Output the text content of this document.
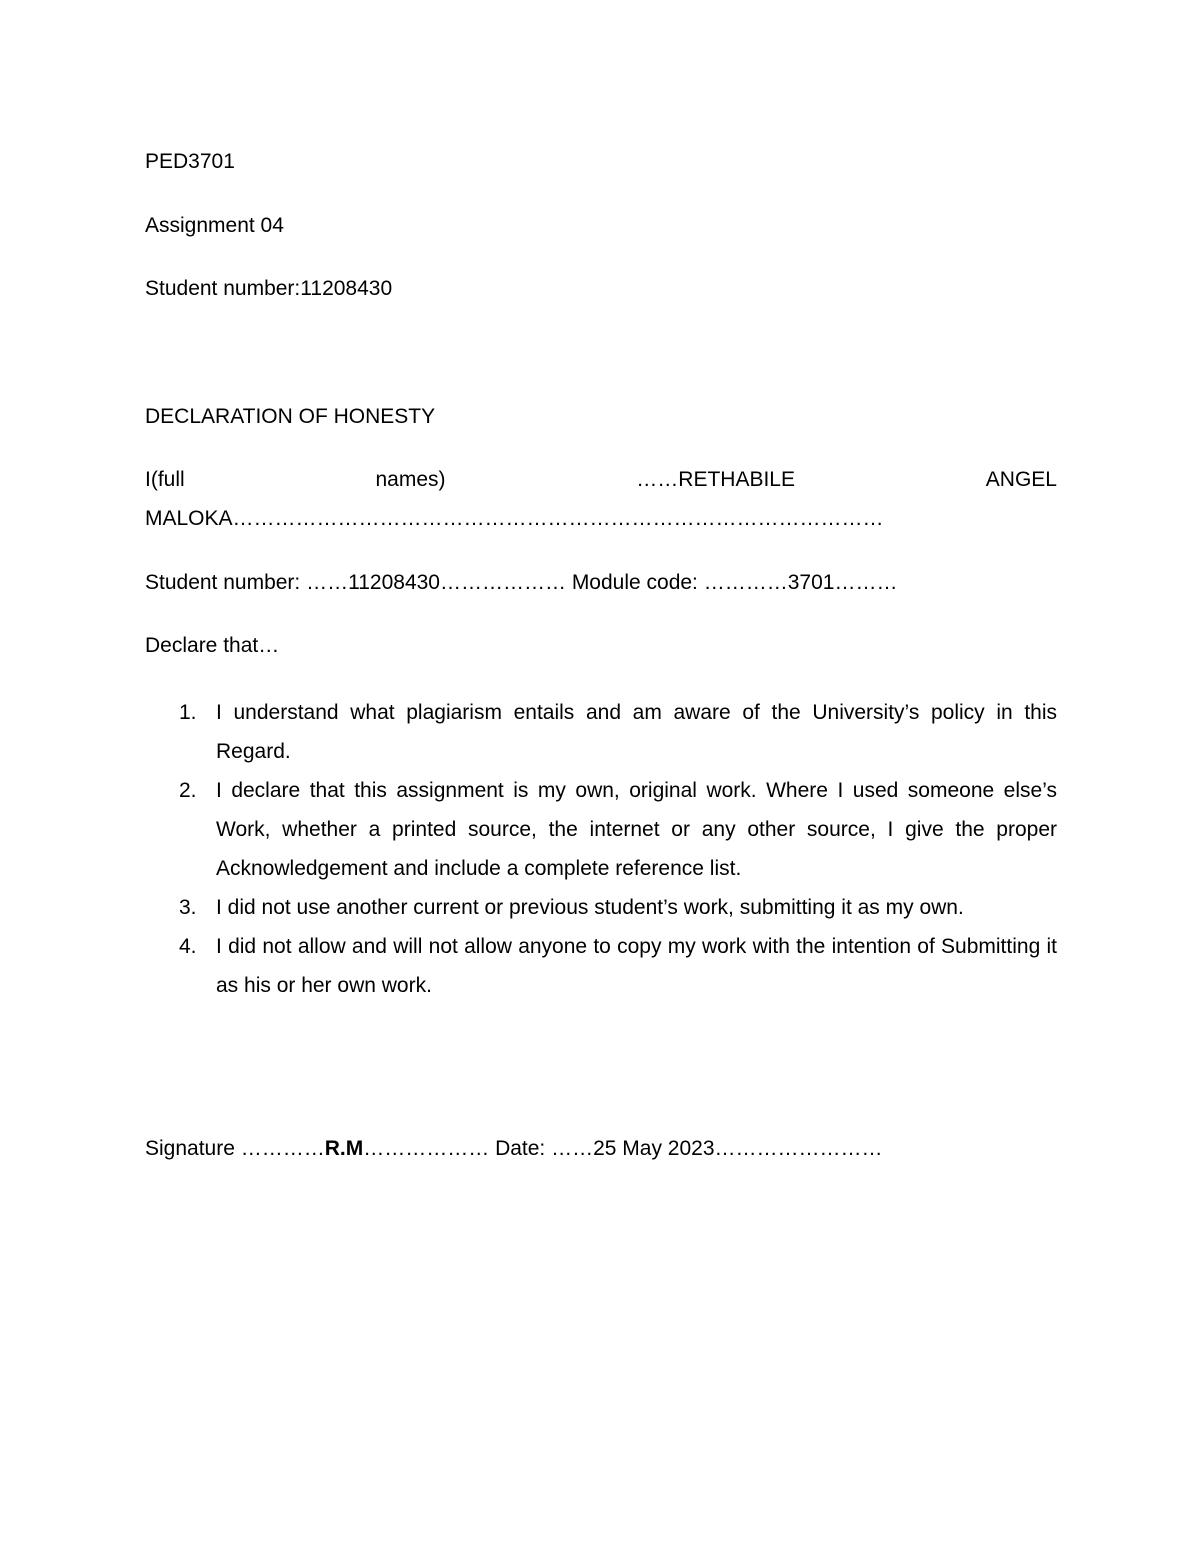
PED3701
Assignment 04
Student number:11208430
DECLARATION OF HONESTY
I(full	names)	……RETHABILE	ANGEL
MALOKA…………………………………………………………………………………
Student number: ……11208430……………… Module code: …………3701………
Declare that…
1. I understand what plagiarism entails and am aware of the University’s policy in this Regard.
2. I declare that this assignment is my own, original work. Where I used someone else’s Work, whether a printed source, the internet or any other source, I give the proper Acknowledgement and include a complete reference list.
3. I did not use another current or previous student’s work, submitting it as my own.
4. I did not allow and will not allow anyone to copy my work with the intention of Submitting it as his or her own work.
Signature …………R.M……………… Date: ……25 May 2023……………………
